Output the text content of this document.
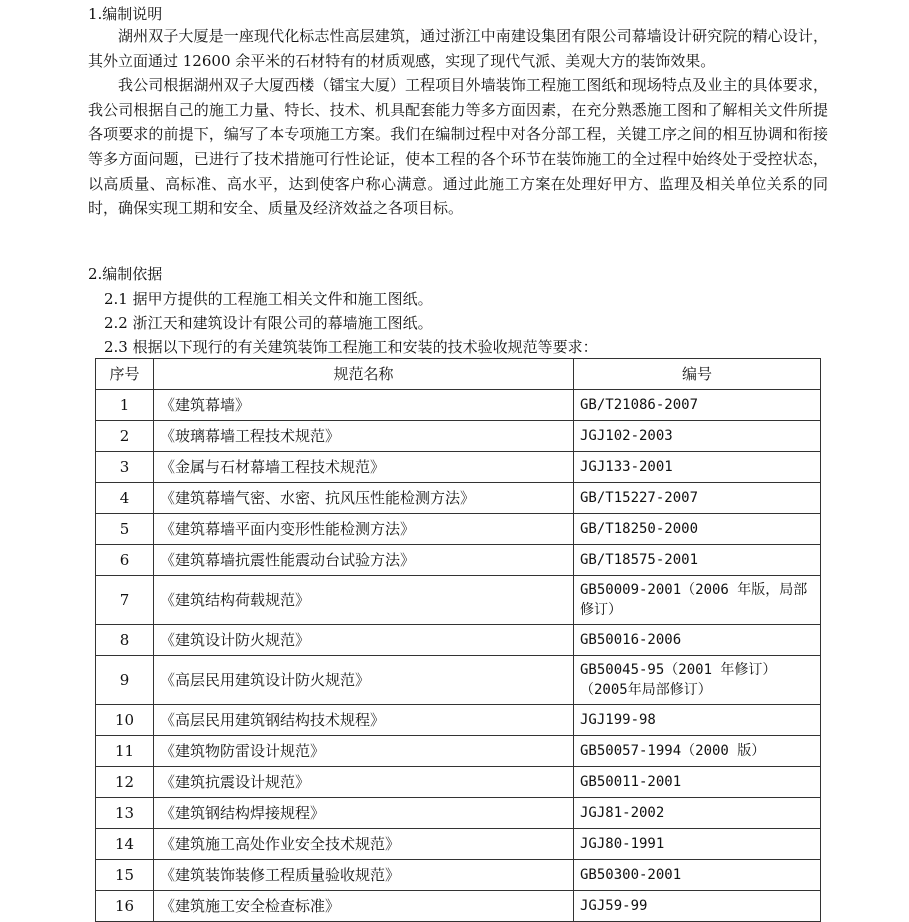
1.编制说明

湖州双子大厦是一座现代化标志性高层建筑，通过浙江中南建设集团有限公司幕墙设计研究院的精心设计，其外立面通过 12600 余平米的石材特有的材质观感，实现了现代气派、美观大方的装饰效果。

我公司根据湖州双子大厦西楼（镭宝大厦）工程项目外墙装饰工程施工图纸和现场特点及业主的具体要求，我公司根据自己的施工力量、特长、技术、机具配套能力等多方面因素，在充分熟悉施工图和了解相关文件所提各项要求的前提下，编写了本专项施工方案。我们在编制过程中对各分部工程，关键工序之间的相互协调和衔接等多方面问题，已进行了技术措施可行性论证，使本工程的各个环节在装饰施工的全过程中始终处于受控状态，以高质量、高标准、高水平，达到使客户称心满意。通过此施工方案在处理好甲方、监理及相关单位关系的同时，确保实现工期和安全、质量及经济效益之各项目标。

2.编制依据
2.1 据甲方提供的工程施工相关文件和施工图纸。
2.2 浙江天和建筑设计有限公司的幕墙施工图纸。
2.3 根据以下现行的有关建筑装饰工程施工和安装的技术验收规范等要求：
序号	规范名称	编号
1	《建筑幕墙》	GB/T21086-2007
2	《玻璃幕墙工程技术规范》	JGJ102-2003
3	《金属与石材幕墙工程技术规范》	JGJ133-2001
4	《建筑幕墙气密、水密、抗风压性能检测方法》	GB/T15227-2007
5	《建筑幕墙平面内变形性能检测方法》	GB/T18250-2000
6	《建筑幕墙抗震性能震动台试验方法》	GB/T18575-2001
7	《建筑结构荷载规范》	GB50009-2001（2006 年版，局部修订）
8	《建筑设计防火规范》	GB50016-2006
9	《高层民用建筑设计防火规范》	GB50045-95（2001 年修订）（2005年局部修订）
10	《高层民用建筑钢结构技术规程》	JGJ199-98
11	《建筑物防雷设计规范》	GB50057-1994（2000 版）
12	《建筑抗震设计规范》	GB50011-2001
13	《建筑钢结构焊接规程》	JGJ81-2002
14	《建筑施工高处作业安全技术规范》	JGJ80-1991
15	《建筑装饰装修工程质量验收规范》	GB50300-2001
16	《建筑施工安全检查标准》	JGJ59-99
